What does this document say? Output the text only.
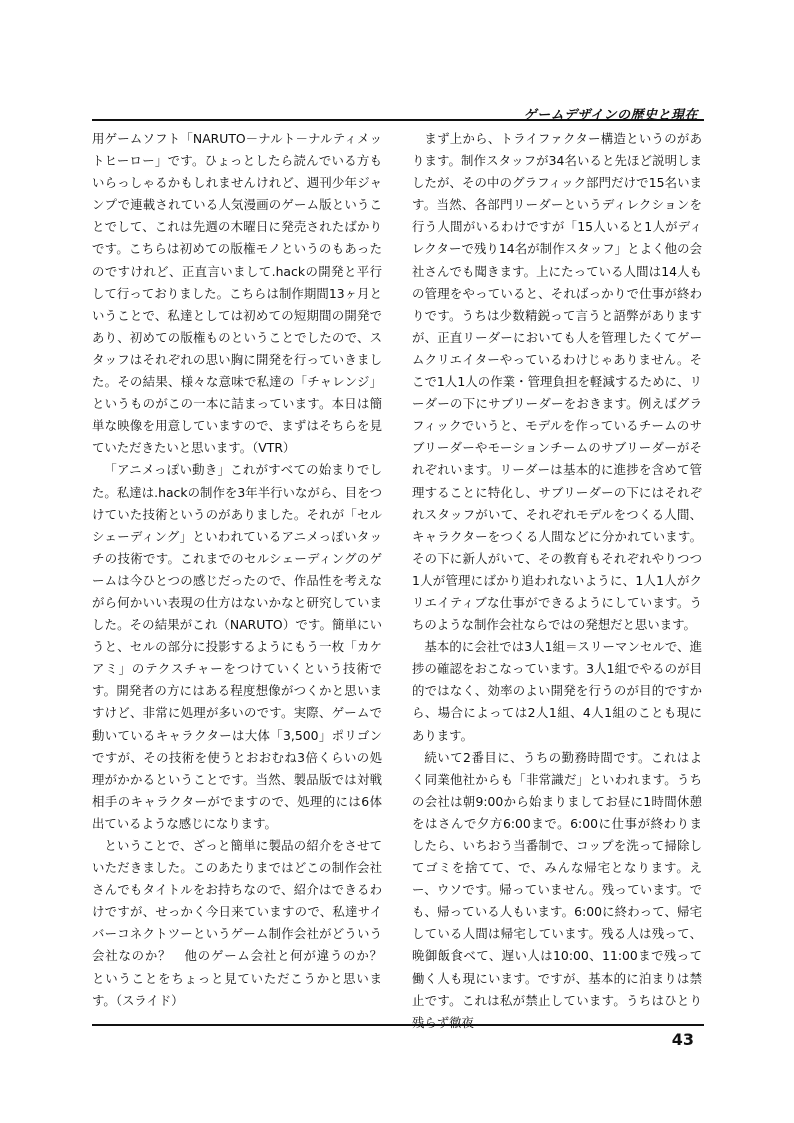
ゲームデザインの歴史と現在

用ゲームソフト「NARUTO－ナルト－ナルティメットヒーロー」です。ひょっとしたら読んでいる方もいらっしゃるかもしれませんけれど、週刊少年ジャンプで連載されている人気漫画のゲーム版ということでして、これは先週の木曜日に発売されたばかりです。こちらは初めての版権モノというのもあったのですけれど、正直言いまして.hackの開発と平行して行っておりました。こちらは制作期間13ヶ月ということで、私達としては初めての短期間の開発であり、初めての版権ものということでしたので、スタッフはそれぞれの思い胸に開発を行っていきました。その結果、様々な意味で私達の「チャレンジ」というものがこの一本に詰まっています。本日は簡単な映像を用意していますので、まずはそちらを見ていただきたいと思います。（VTR）

「アニメっぽい動き」これがすべての始まりでした。私達は.hackの制作を3年半行いながら、目をつけていた技術というのがありました。それが「セルシェーディング」といわれているアニメっぽいタッチの技術です。これまでのセルシェーディングのゲームは今ひとつの感じだったので、作品性を考えながら何かいい表現の仕方はないかなと研究していました。その結果がこれ（NARUTO）です。簡単にいうと、セルの部分に投影するようにもう一枚「カケアミ」のテクスチャーをつけていくという技術です。開発者の方にはある程度想像がつくかと思いますけど、非常に処理が多いのです。実際、ゲームで動いているキャラクターは大体「3,500」ポリゴンですが、その技術を使うとおおむね3倍くらいの処理がかかるということです。当然、製品版では対戦相手のキャラクターがでますので、処理的には6体出ているような感じになります。

ということで、ざっと簡単に製品の紹介をさせていただきました。このあたりまではどこの制作会社さんでもタイトルをお持ちなので、紹介はできるわけですが、せっかく今日来ていますので、私達サイバーコネクトツーというゲーム制作会社がどういう会社なのか？　他のゲーム会社と何が違うのか？　ということをちょっと見ていただこうかと思います。（スライド）

まず上から、トライファクター構造というのがあります。制作スタッフが34名いると先ほど説明しましたが、その中のグラフィック部門だけで15名います。当然、各部門リーダーというディレクションを行う人間がいるわけですが「15人いると1人がディレクターで残り14名が制作スタッフ」とよく他の会社さんでも聞きます。上にたっている人間は14人もの管理をやっていると、そればっかりで仕事が終わりです。うちは少数精鋭って言うと語弊がありますが、正直リーダーにおいても人を管理したくてゲームクリエイターやっているわけじゃありません。そこで1人1人の作業・管理負担を軽減するために、リーダーの下にサブリーダーをおきます。例えばグラフィックでいうと、モデルを作っているチームのサブリーダーやモーションチームのサブリーダーがそれぞれいます。リーダーは基本的に進捗を含めて管理することに特化し、サブリーダーの下にはそれぞれスタッフがいて、それぞれモデルをつくる人間、キャラクターをつくる人間などに分かれています。その下に新人がいて、その教育もそれぞれやりつつ1人が管理にばかり追われないように、1人1人がクリエイティブな仕事ができるようにしています。うちのような制作会社ならではの発想だと思います。

基本的に会社では3人1組＝スリーマンセルで、進捗の確認をおこなっています。3人1組でやるのが目的ではなく、効率のよい開発を行うのが目的ですから、場合によっては2人1組、4人1組のことも現にあります。

続いて2番目に、うちの勤務時間です。これはよく同業他社からも「非常識だ」といわれます。うちの会社は朝9:00から始まりましてお昼に1時間休憩をはさんで夕方6:00まで。6:00に仕事が終わりましたら、いちおう当番制で、コップを洗って掃除してゴミを捨てて、で、みんな帰宅となります。えー、ウソです。帰っていません。残っています。でも、帰っている人もいます。6:00に終わって、帰宅している人間は帰宅しています。残る人は残って、晩御飯食べて、遅い人は10:00、11:00まで残って働く人も現にいます。ですが、基本的に泊まりは禁止です。これは私が禁止しています。うちはひとり残らず徹夜

43
